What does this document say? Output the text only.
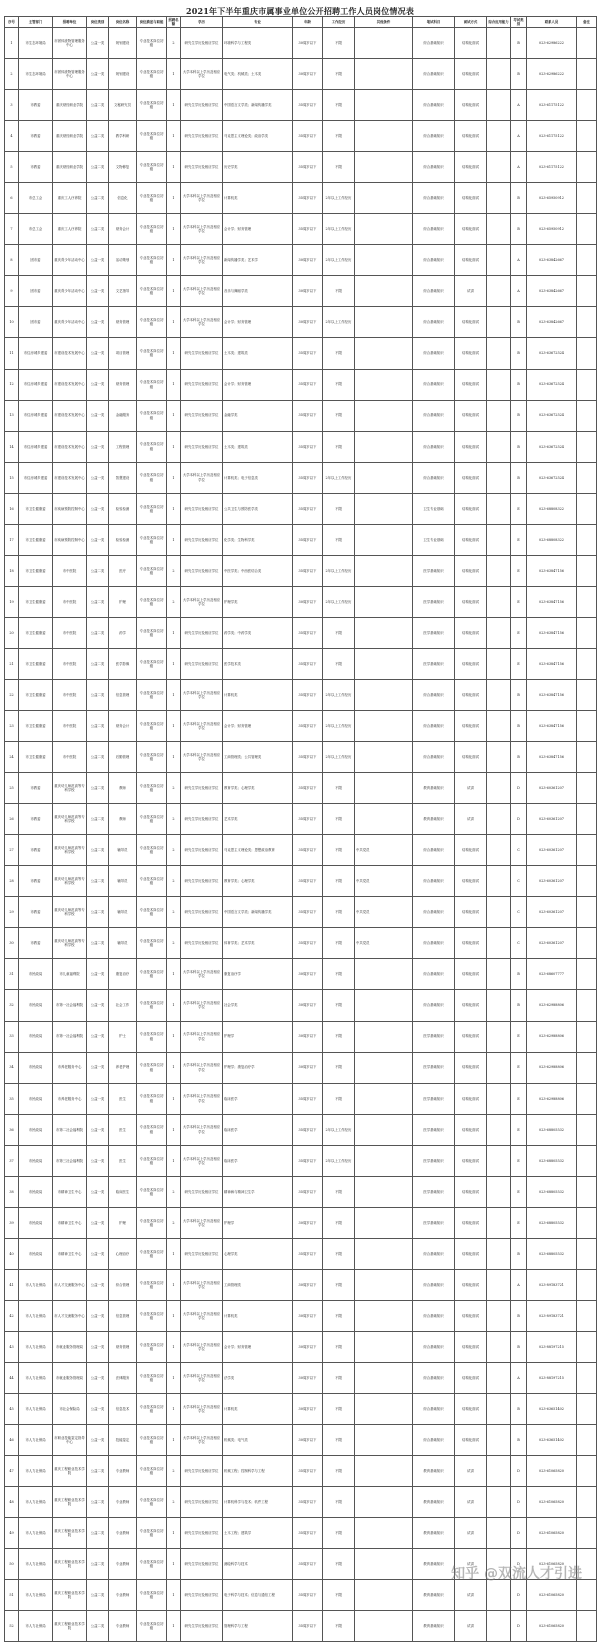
2021年下半年重庆市属事业单位公开招聘工作人员岗位情况表
序号	主管部门	招聘单位	岗位类别	岗位名称	岗位描述与职能	招聘名额	学历	专业	年龄	工作经历	其他条件	笔试科目	面试方式	综合应用能力	考试类别	联系人员	备注
1	市生态环境局	市固体废物管理服务中心	公益一类	规划建设	专业技术岗位初级	2	研究生学历及相应学位	环境科学与工程类	30周岁以下	不限		综合基础知识	结构化面试		B	023-62986222	
2	市生态环境局	市固体废物管理服务中心	公益一类	规划建设	专业技术岗位初级	1	大学本科以上学历及相应学位	电气类；机械类；土木类	30周岁以下	不限		综合基础知识	结构化面试		B	023-62986222	
3	市教委	重庆财经职业学院	公益二类	文秘研究员	专业技术岗位初级	1	研究生学历及相应学位	中国语言文学类；新闻传播学类	35周岁以下	不限		综合基础知识	结构化面试		A	023-61175122	
4	市教委	重庆财经职业学院	公益二类	教学科研	专业技术岗位初级	1	研究生学历及相应学位	马克思主义理论类；政治学类	35周岁以下	不限		综合基础知识	结构化面试		A	023-61175122	
5	市教委	重庆财经职业学院	公益二类	文物修复	专业技术岗位初级	1	研究生学历及相应学位	历史学类	35周岁以下	不限		综合基础知识	结构化面试		A	023-61175122	
6	市总工会	重庆工人疗养院	公益二类	信息化	专业技术岗位初级	1	大学本科以上学历及相应学位	计算机类	35周岁以下	2年以上工作经历		综合基础知识	结构化面试		B	023-65950912	
7	市总工会	重庆工人疗养院	公益二类	财务会计	专业技术岗位初级	1	大学本科以上学历及相应学位	会计学；财务管理	35周岁以下	2年以上工作经历		综合基础知识	结构化面试		B	023-65950912	
8	团市委	重庆青少年活动中心	公益一类	活动策划	专业技术岗位初级	1	大学本科以上学历及相应学位	新闻传播学类；艺术学	30周岁以下	2年以上工作经历		综合基础知识	结构化面试		A	023-63842667	
9	团市委	重庆青少年活动中心	公益一类	文艺指导	专业技术岗位初级	1	大学本科以上学历及相应学位	音乐与舞蹈学类	30周岁以下	不限		综合基础知识	试讲		A	023-63842667	
10	团市委	重庆青少年活动中心	公益一类	财务管理	专业技术岗位初级	1	大学本科以上学历及相应学位	会计学；财务管理	30周岁以下	2年以上工作经历		综合基础知识	结构化面试		B	023-63842667	
11	市住房城乡建委	市建设技术发展中心	公益一类	项目管理	专业技术岗位初级	1	研究生学历及相应学位	土木类；建筑类	35周岁以下	不限		综合基础知识	结构化面试		B	023-63672524	
12	市住房城乡建委	市建设技术发展中心	公益一类	财务管理	专业技术岗位初级	1	研究生学历及相应学位	会计学；财务管理	35周岁以下	不限		综合基础知识	结构化面试		B	023-63672524	
13	市住房城乡建委	市建设技术发展中心	公益一类	金融服务	专业技术岗位初级	1	研究生学历及相应学位	金融学类	35周岁以下	不限		综合基础知识	结构化面试		B	023-63672524	
14	市住房城乡建委	市建设技术发展中心	公益一类	工程管理	专业技术岗位初级	1	研究生学历及相应学位	土木类；建筑类	35周岁以下	不限		综合基础知识	结构化面试		B	023-63672524	
15	市住房城乡建委	市建设技术发展中心	公益一类	智慧建设	专业技术岗位初级	1	大学本科以上学历及相应学位	计算机类；电子信息类	35周岁以下	2年以上工作经历		综合基础知识	结构化面试		B	023-63672524	
16	市卫生健康委	市疾病预防控制中心	公益一类	检验检测	专业技术岗位初级	1	研究生学历及相应学位	公共卫生与预防医学类	35周岁以下	不限		卫生专业基础	结构化面试		E	023-68808322	
17	市卫生健康委	市疾病预防控制中心	公益一类	检验检测	专业技术岗位初级	1	研究生学历及相应学位	化学类；生物科学类	35周岁以下	不限		卫生专业基础	结构化面试		E	023-68808322	
18	市卫生健康委	市中医院	公益二类	医疗	专业技术岗位初级	2	研究生学历及相应学位	中医学类；中西医结合类	35周岁以下	2年以上工作经历		医学基础知识	结构化面试		E	023-63847156	
19	市卫生健康委	市中医院	公益二类	护理	专业技术岗位初级	2	大学本科以上学历及相应学位	护理学类	30周岁以下	2年以上工作经历		医学基础知识	结构化面试		E	023-63847156	
20	市卫生健康委	市中医院	公益二类	药学	专业技术岗位初级	1	研究生学历及相应学位	药学类；中药学类	35周岁以下	不限		医学基础知识	结构化面试		E	023-63847156	
21	市卫生健康委	市中医院	公益二类	医学影像	专业技术岗位初级	1	研究生学历及相应学位	医学技术类	35周岁以下	不限		医学基础知识	结构化面试		E	023-63847156	
22	市卫生健康委	市中医院	公益二类	信息管理	专业技术岗位初级	1	大学本科以上学历及相应学位	计算机类	35周岁以下	2年以上工作经历		综合基础知识	结构化面试		B	023-63847156	
23	市卫生健康委	市中医院	公益二类	财务会计	专业技术岗位初级	1	大学本科以上学历及相应学位	会计学；财务管理	35周岁以下	2年以上工作经历		综合基础知识	结构化面试		B	023-63847156	
24	市卫生健康委	市中医院	公益二类	后勤管理	专业技术岗位初级	1	大学本科以上学历及相应学位	工商管理类；公共管理类	35周岁以下	2年以上工作经历		综合基础知识	结构化面试		B	023-63847156	
25	市教委	重庆幼儿师范高等专科学校	公益二类	教师	专业技术岗位初级	2	研究生学历及相应学位	教育学类；心理学类	35周岁以下	不限		教育基础知识	试讲		D	023-60361207	
26	市教委	重庆幼儿师范高等专科学校	公益二类	教师	专业技术岗位初级	2	研究生学历及相应学位	艺术学类	35周岁以下	不限		教育基础知识	试讲		D	023-60361207	
27	市教委	重庆幼儿师范高等专科学校	公益二类	辅导员	专业技术岗位初级	2	研究生学历及相应学位	马克思主义理论类；思想政治教育	35周岁以下	不限	中共党员	综合基础知识	结构化面试		C	023-60361207	
28	市教委	重庆幼儿师范高等专科学校	公益二类	辅导员	专业技术岗位初级	2	研究生学历及相应学位	教育学类；心理学类	35周岁以下	不限	中共党员	综合基础知识	结构化面试		C	023-60361207	
29	市教委	重庆幼儿师范高等专科学校	公益二类	辅导员	专业技术岗位初级	2	研究生学历及相应学位	中国语言文学类；新闻传播学类	35周岁以下	不限	中共党员	综合基础知识	结构化面试		C	023-60361207	
30	市教委	重庆幼儿师范高等专科学校	公益二类	辅导员	专业技术岗位初级	2	研究生学历及相应学位	体育学类；艺术学类	35周岁以下	不限	中共党员	综合基础知识	结构化面试		C	023-60361207	
31	市民政局	市儿童福利院	公益一类	康复治疗	专业技术岗位初级	1	大学本科以上学历及相应学位	康复治疗学	30周岁以下	不限		综合基础知识	结构化面试		B	023-68607777	
32	市民政局	市第一社会福利院	公益一类	社会工作	专业技术岗位初级	1	大学本科以上学历及相应学位	社会学类	30周岁以下	不限		综合基础知识	结构化面试		B	023-62988806	
33	市民政局	市第一社会福利院	公益一类	护士	专业技术岗位初级	1	大学本科以上学历及相应学位	护理学	30周岁以下	不限		医学基础知识	结构化面试		E	023-62988806	
34	市民政局	市养老服务中心	公益一类	养老护理	专业技术岗位初级	1	大学本科以上学历及相应学位	护理学；康复治疗学	30周岁以下	不限		医学基础知识	结构化面试		E	023-62988806	
35	市民政局	市养老服务中心	公益一类	医生	专业技术岗位初级	1	大学本科以上学历及相应学位	临床医学	35周岁以下	不限		医学基础知识	结构化面试		E	023-62988806	
36	市民政局	市第二社会福利院	公益一类	医生	专业技术岗位初级	1	大学本科以上学历及相应学位	临床医学	35周岁以下	2年以上工作经历		医学基础知识	结构化面试		E	023-68805532	
37	市民政局	市第三社会福利院	公益一类	医生	专业技术岗位初级	1	大学本科以上学历及相应学位	临床医学	35周岁以下	2年以上工作经历		医学基础知识	结构化面试		E	023-68805532	
38	市民政局	市精神卫生中心	公益一类	临床医生	专业技术岗位初级	2	研究生学历及相应学位	精神病与精神卫生学	35周岁以下	不限		医学基础知识	结构化面试		E	023-68805532	
39	市民政局	市精神卫生中心	公益一类	护理	专业技术岗位初级	2	大学本科以上学历及相应学位	护理学	30周岁以下	不限		医学基础知识	结构化面试		E	023-68805532	
40	市民政局	市精神卫生中心	公益一类	心理治疗	专业技术岗位初级	1	研究生学历及相应学位	心理学类	35周岁以下	不限		综合基础知识	结构化面试		B	023-68805532	
41	市人力社保局	市人才交流服务中心	公益一类	综合管理	专业技术岗位初级	1	大学本科以上学历及相应学位	工商管理类	30周岁以下	不限		综合基础知识	结构化面试		A	023-89183721	
42	市人力社保局	市人才交流服务中心	公益一类	信息管理	专业技术岗位初级	1	大学本科以上学历及相应学位	计算机类	30周岁以下	不限		综合基础知识	结构化面试		B	023-89183721	
43	市人力社保局	市就业服务管理局	公益一类	财务管理	专业技术岗位初级	1	大学本科以上学历及相应学位	会计学；财务管理	30周岁以下	不限		综合基础知识	结构化面试		B	023-88197215	
44	市人力社保局	市就业服务管理局	公益一类	法律服务	专业技术岗位初级	1	大学本科以上学历及相应学位	法学类	30周岁以下	不限		综合基础知识	结构化面试		A	023-88197215	
45	市人力社保局	市社会保险局	公益一类	信息技术	专业技术岗位初级	1	大学本科以上学历及相应学位	计算机类	30周岁以下	不限		综合基础知识	结构化面试		B	023-63651402	
46	市人力社保局	市职业技能鉴定指导中心	公益一类	技能鉴定	专业技术岗位初级	1	大学本科以上学历及相应学位	机械类；电气类	30周岁以下	不限		综合基础知识	结构化面试		B	023-63651402	
47	市人力社保局	重庆工程职业技术学院	公益二类	专业教师	专业技术岗位初级	2	研究生学历及相应学位	机械工程；控制科学与工程	35周岁以下	不限		教育基础知识	试讲		D	023-61065820	
48	市人力社保局	重庆工程职业技术学院	公益二类	专业教师	专业技术岗位初级	2	研究生学历及相应学位	计算机科学与技术；软件工程	35周岁以下	不限		教育基础知识	试讲		D	023-61065820	
49	市人力社保局	重庆工程职业技术学院	公益二类	专业教师	专业技术岗位初级	1	研究生学历及相应学位	土木工程；建筑学	35周岁以下	不限		教育基础知识	试讲		D	023-61065820	
50	市人力社保局	重庆工程职业技术学院	公益二类	专业教师	专业技术岗位初级	1	研究生学历及相应学位	测绘科学与技术	35周岁以下	不限		教育基础知识	试讲		D	023-61065820	
51	市人力社保局	重庆工程职业技术学院	公益二类	专业教师	专业技术岗位初级	1	研究生学历及相应学位	电子科学与技术；信息与通信工程	35周岁以下	不限		教育基础知识	试讲		D	023-61065820	
52	市人力社保局	重庆工程职业技术学院	公益二类	专业教师	专业技术岗位初级	1	研究生学历及相应学位	管理科学与工程	35周岁以下	不限		教育基础知识	试讲		D	023-61065820	
知乎 @双流人才引进
